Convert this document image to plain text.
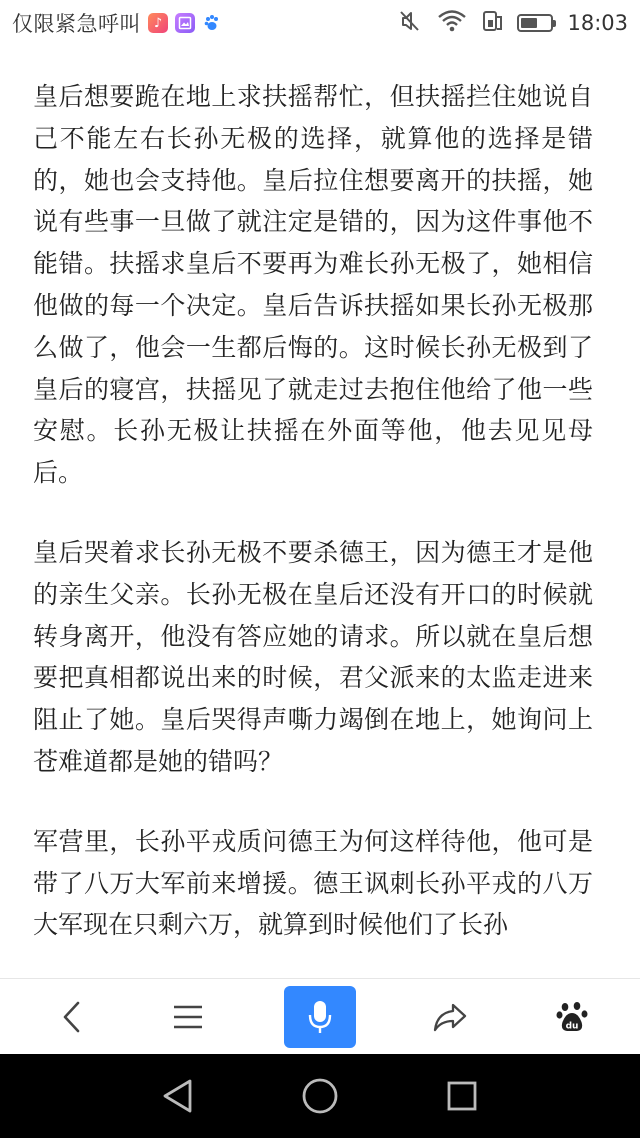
仅限紧急呼叫 ♪	18:03

皇后想要跪在地上求扶摇帮忙，但扶摇拦住她说自己不能左右长孙无极的选择，就算他的选择是错的，她也会支持他。皇后拉住想要离开的扶摇，她说有些事一旦做了就注定是错的，因为这件事他不能错。扶摇求皇后不要再为难长孙无极了，她相信他做的每一个决定。皇后告诉扶摇如果长孙无极那么做了，他会一生都后悔的。这时候长孙无极到了皇后的寝宫，扶摇见了就走过去抱住他给了他一些安慰。长孙无极让扶摇在外面等他，他去见见母后。

皇后哭着求长孙无极不要杀德王，因为德王才是他的亲生父亲。长孙无极在皇后还没有开口的时候就转身离开，他没有答应她的请求。所以就在皇后想要把真相都说出来的时候，君父派来的太监走进来阻止了她。皇后哭得声嘶力竭倒在地上，她询问上苍难道都是她的错吗？

军营里，长孙平戎质问德王为何这样待他，他可是带了八万大军前来增援。德王讽刺长孙平戎的八万大军现在只剩六万，就算到时候他们了长孙

du
